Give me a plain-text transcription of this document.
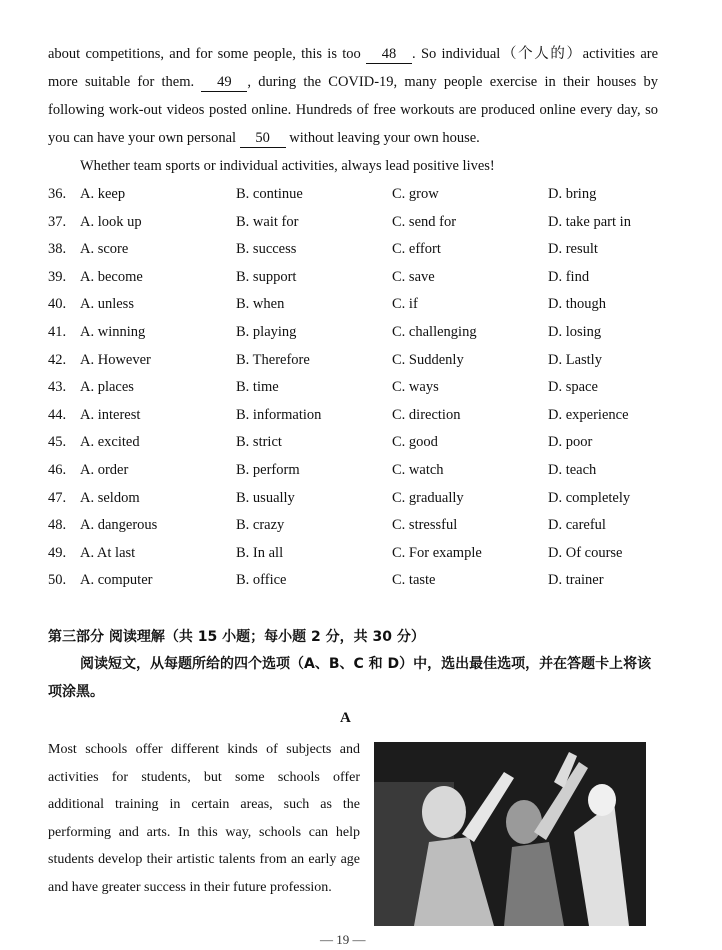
about competitions, and for some people, this is too 48 . So individual（个人的）activities are more suitable for them. 49 , during the COVID-19, many people exercise in their houses by following work-out videos posted online. Hundreds of free workouts are produced online every day, so you can have your own personal 50 without leaving your own house.
Whether team sports or individual activities, always lead positive lives!
36. A. keep	B. continue	C. grow	D. bring
37. A. look up	B. wait for	C. send for	D. take part in
38. A. score	B. success	C. effort	D. result
39. A. become	B. support	C. save	D. find
40. A. unless	B. when	C. if	D. though
41. A. winning	B. playing	C. challenging	D. losing
42. A. However	B. Therefore	C. Suddenly	D. Lastly
43. A. places	B. time	C. ways	D. space
44. A. interest	B. information	C. direction	D. experience
45. A. excited	B. strict	C. good	D. poor
46. A. order	B. perform	C. watch	D. teach
47. A. seldom	B. usually	C. gradually	D. completely
48. A. dangerous	B. crazy	C. stressful	D. careful
49. A. At last	B. In all	C. For example	D. Of course
50. A. computer	B. office	C. taste	D. trainer
第三部分 阅读理解（共 15 小题；每小题 2 分，共 30 分）
阅读短文，从每题所给的四个选项（A、B、C 和 D）中，选出最佳选项，并在答题卡上将该项涂黑。
A
Most schools offer different kinds of subjects and activities for students, but some schools offer additional training in certain areas, such as the performing and arts. In this way, schools can help students develop their artistic talents from an early age and have greater success in their future profession.
— 19 —
